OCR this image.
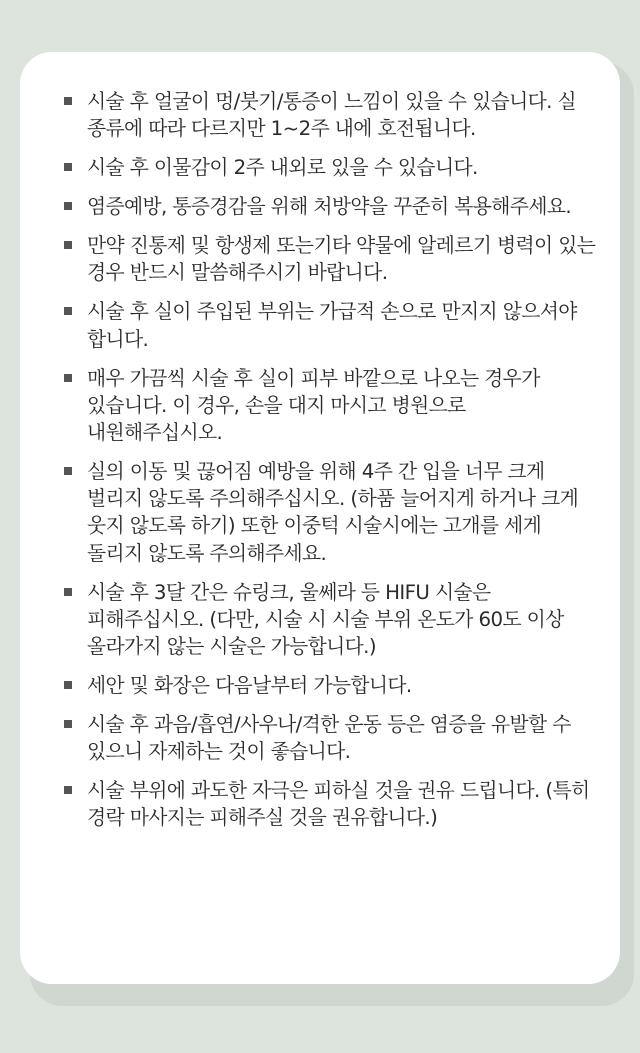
시술 후 얼굴이 멍/붓기/통증이 느낌이 있을 수 있습니다. 실 종류에 따라 다르지만 1~2주 내에 호전됩니다.
시술 후 이물감이 2주 내외로 있을 수 있습니다.
염증예방, 통증경감을 위해 처방약을 꾸준히 복용해주세요.
만약 진통제 및 항생제 또는기타 약물에 알레르기 병력이 있는 경우 반드시 말씀해주시기 바랍니다.
시술 후 실이 주입된 부위는 가급적 손으로 만지지 않으셔야 합니다.
매우 가끔씩 시술 후 실이 피부 바깥으로 나오는 경우가 있습니다. 이 경우, 손을 대지 마시고 병원으로 내원해주십시오.
실의 이동 및 끊어짐 예방을 위해 4주 간 입을 너무 크게 벌리지 않도록 주의해주십시오. (하품 늘어지게 하거나 크게 웃지 않도록 하기) 또한 이중턱 시술시에는 고개를 세게 돌리지 않도록 주의해주세요.
시술 후 3달 간은 슈링크, 울쎄라 등 HIFU 시술은 피해주십시오. (다만, 시술 시 시술 부위 온도가 60도 이상 올라가지 않는 시술은 가능합니다.)
세안 및 화장은 다음날부터 가능합니다.
시술 후 과음/흡연/사우나/격한 운동 등은 염증을 유발할 수 있으니 자제하는 것이 좋습니다.
시술 부위에 과도한 자극은 피하실 것을 권유 드립니다. (특히 경락 마사지는 피해주실 것을 권유합니다.)
